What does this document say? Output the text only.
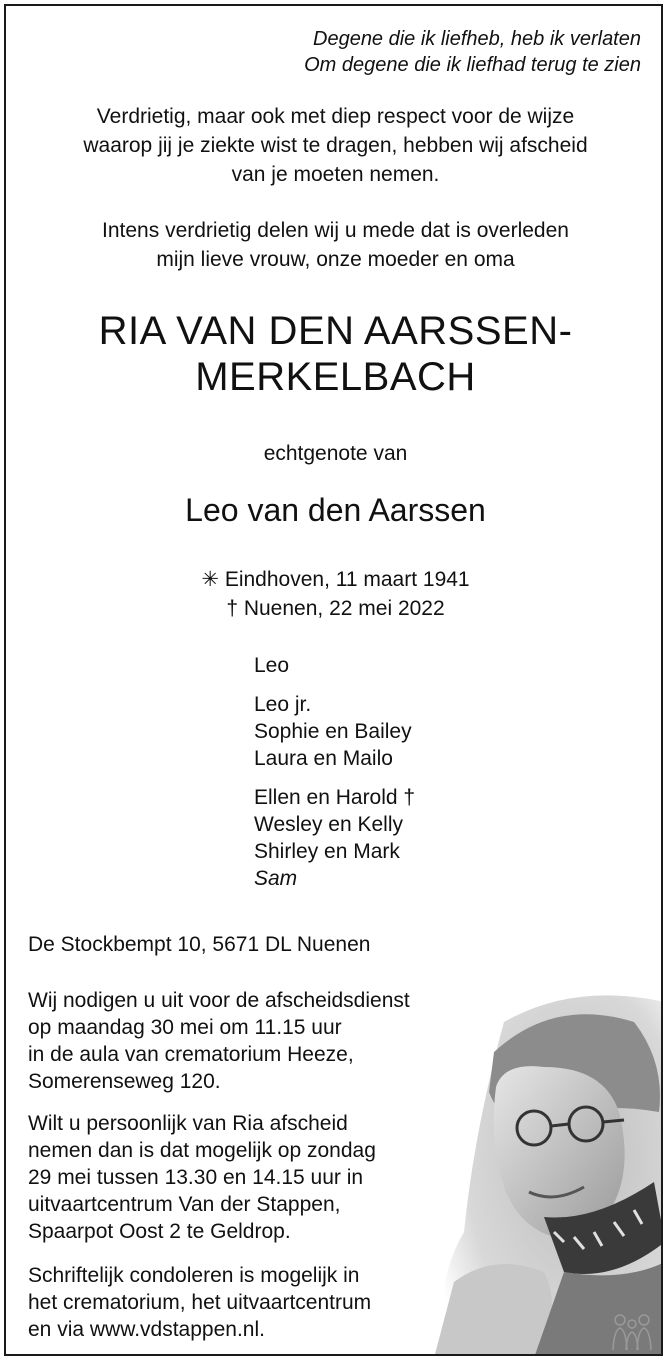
Degene die ik liefheb, heb ik verlaten
Om degene die ik liefhad terug te zien
Verdrietig, maar ook met diep respect voor de wijze
waarop jij je ziekte wist te dragen, hebben wij afscheid
van je moeten nemen.
Intens verdrietig delen wij u mede dat is overleden
mijn lieve vrouw, onze moeder en oma
RIA VAN DEN AARSSEN-
MERKELBACH
echtgenote van
Leo van den Aarssen
✳ Eindhoven, 11 maart 1941
† Nuenen, 22 mei 2022
Leo
Leo jr.
Sophie en Bailey
Laura en Mailo
Ellen en Harold †
Wesley en Kelly
Shirley en Mark
Sam
De Stockbempt 10, 5671 DL Nuenen
Wij nodigen u uit voor de afscheidsdienst
op maandag 30 mei om 11.15 uur
in de aula van crematorium Heeze,
Somerenseweg 120.
Wilt u persoonlijk van Ria afscheid
nemen dan is dat mogelijk op zondag
29 mei tussen 13.30 en 14.15 uur in
uitvaartcentrum Van der Stappen,
Spaarpot Oost 2 te Geldrop.
Schriftelijk condoleren is mogelijk in
het crematorium, het uitvaartcentrum
en via www.vdstappen.nl.
